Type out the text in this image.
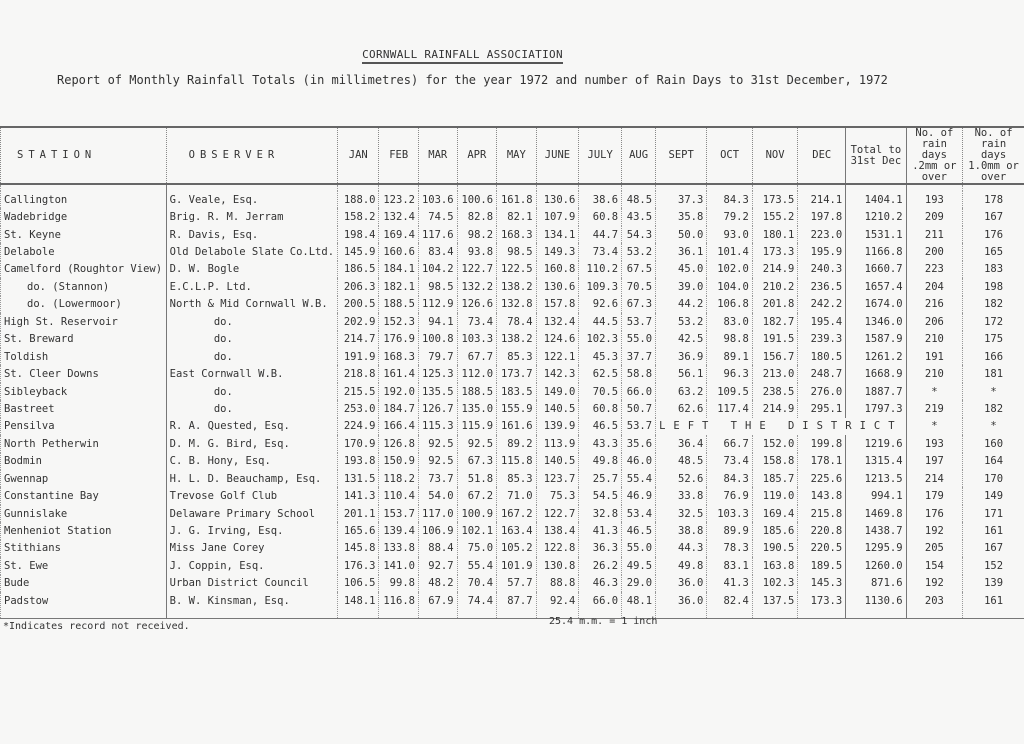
CORNWALL RAINFALL ASSOCIATION
Report of Monthly Rainfall Totals (in millimetres) for the year 1972 and number of Rain Days to 31st December, 1972
STATION	OBSERVER	JAN	FEB	MAR	APR	MAY	JUNE	JULY	AUG	SEPT	OCT	NOV	DEC	Total to 31st Dec	No. of rain days .2mm or over	No. of rain days 1.0mm or over

Callington	G. Veale, Esq.	188.0	123.2	103.6	100.6	161.8	130.6	38.6	48.5	37.3	84.3	173.5	214.1	1404.1	193	178
Wadebridge	Brig. R. M. Jerram	158.2	132.4	74.5	82.8	82.1	107.9	60.8	43.5	35.8	79.2	155.2	197.8	1210.2	209	167
St. Keyne	R. Davis, Esq.	198.4	169.4	117.6	98.2	168.3	134.1	44.7	54.3	50.0	93.0	180.1	223.0	1531.1	211	176
Delabole	Old Delabole Slate Co.Ltd.	145.9	160.6	83.4	93.8	98.5	149.3	73.4	53.2	36.1	101.4	173.3	195.9	1166.8	200	165
Camelford (Roughtor View)	D. W. Bogle	186.5	184.1	104.2	122.7	122.5	160.8	110.2	67.5	45.0	102.0	214.9	240.3	1660.7	223	183
do. (Stannon)	E.C.L.P. Ltd.	206.3	182.1	98.5	132.2	138.2	130.6	109.3	70.5	39.0	104.0	210.2	236.5	1657.4	204	198
do. (Lowermoor)	North & Mid Cornwall W.B.	200.5	188.5	112.9	126.6	132.8	157.8	92.6	67.3	44.2	106.8	201.8	242.2	1674.0	216	182
High St. Reservoir	do.	202.9	152.3	94.1	73.4	78.4	132.4	44.5	53.7	53.2	83.0	182.7	195.4	1346.0	206	172
St. Breward	do.	214.7	176.9	100.8	103.3	138.2	124.6	102.3	55.0	42.5	98.8	191.5	239.3	1587.9	210	175
Toldish	do.	191.9	168.3	79.7	67.7	85.3	122.1	45.3	37.7	36.9	89.1	156.7	180.5	1261.2	191	166
St. Cleer Downs	East Cornwall W.B.	218.8	161.4	125.3	112.0	173.7	142.3	62.5	58.8	56.1	96.3	213.0	248.7	1668.9	210	181
Sibleyback	do.	215.5	192.0	135.5	188.5	183.5	149.0	70.5	66.0	63.2	109.5	238.5	276.0	1887.7	*	*
Bastreet	do.	253.0	184.7	126.7	135.0	155.9	140.5	60.8	50.7	62.6	117.4	214.9	295.1	1797.3	219	182
Pensilva	R. A. Quested, Esq.	224.9	166.4	115.3	115.9	161.6	139.9	46.5	53.7	LEFT THE DISTRICT					*	*
North Petherwin	D. M. G. Bird, Esq.	170.9	126.8	92.5	92.5	89.2	113.9	43.3	35.6	36.4	66.7	152.0	199.8	1219.6	193	160
Bodmin	C. B. Hony, Esq.	193.8	150.9	92.5	67.3	115.8	140.5	49.8	46.0	48.5	73.4	158.8	178.1	1315.4	197	164
Gwennap	H. L. D. Beauchamp, Esq.	131.5	118.2	73.7	51.8	85.3	123.7	25.7	55.4	52.6	84.3	185.7	225.6	1213.5	214	170
Constantine Bay	Trevose Golf Club	141.3	110.4	54.0	67.2	71.0	75.3	54.5	46.9	33.8	76.9	119.0	143.8	994.1	179	149
Gunnislake	Delaware Primary School	201.1	153.7	117.0	100.9	167.2	122.7	32.8	53.4	32.5	103.3	169.4	215.8	1469.8	176	171
Menheniot Station	J. G. Irving, Esq.	165.6	139.4	106.9	102.1	163.4	138.4	41.3	46.5	38.8	89.9	185.6	220.8	1438.7	192	161
Stithians	Miss Jane Corey	145.8	133.8	88.4	75.0	105.2	122.8	36.3	55.0	44.3	78.3	190.5	220.5	1295.9	205	167
St. Ewe	J. Coppin, Esq.	176.3	141.0	92.7	55.4	101.9	130.8	26.2	49.5	49.8	83.1	163.8	189.5	1260.0	154	152
Bude	Urban District Council	106.5	99.8	48.2	70.4	57.7	88.8	46.3	29.0	36.0	41.3	102.3	145.3	871.6	192	139
Padstow	B. W. Kinsman, Esq.	148.1	116.8	67.9	74.4	87.7	92.4	66.0	48.1	36.0	82.4	137.5	173.3	1130.6	203	161
*Indicates record not received.	25.4 m.m. = 1 inch
